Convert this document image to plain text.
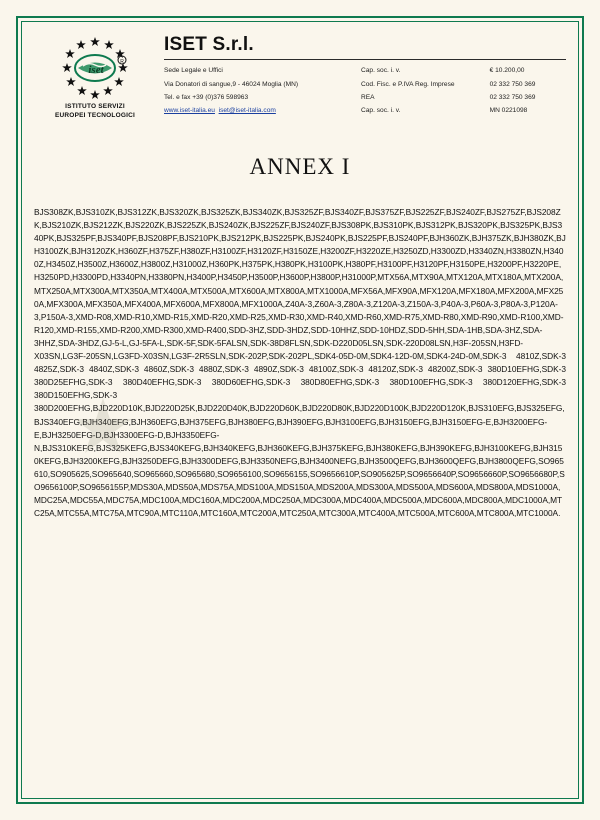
iset
R
ISTITUTO SERVIZI
EUROPEI TECNOLOGICI
ISET S.r.l.
Sede Legale e Uffici	Cap. soc. i. v.	€ 10.200,00
Via Donatori di sangue,9 - 46024 Moglia (MN)	Cod. Fisc. e P.IVA Reg. Imprese	02 332 750 369
Tel. e fax +39 (0)376 598963	REA	02 332 750 369
www.iset-italia.eu iset@iset-italia.com	Cap. soc. i. v.	MN 0221098
ANNEX I
BJS308ZK,BJS310ZK,BJS312ZK,BJS320ZK,BJS325ZK,BJS340ZK,BJS325ZF,BJS340ZF,BJS375ZF,BJS225ZF,BJS240ZF,BJS275ZF,BJS208ZK,BJS210ZK,BJS212ZK,BJS220ZK,BJS225ZK,BJS240ZK,BJS225ZF,BJS240ZF,BJS308PK,BJS310PK,BJS312PK,BJS320PK,BJS325PK,BJS340PK,BJS325PF,BJS340PF,BJS208PF,BJS210PK,BJS212PK,BJS225PK,BJS240PK,BJS225PF,BJS240PF,BJH360ZK,BJH375ZK,BJH380ZK,BJH3100ZK,BJH3120ZK,H360ZF,H375ZF,H380ZF,H3100ZF,H3120ZF,H3150ZE,H3200ZF,H3220ZE,H3250ZD,H3300ZD,H3340ZN,H3380ZN,H3400Z,H3450Z,H3500Z,H3600Z,H3800Z,H31000Z,H360PK,H375PK,H380PK,H3100PK,H380PF,H3100PF,H3120PF,H3150PE,H3200PF,H3220PE,H3250PD,H3300PD,H3340PN,H3380PN,H3400P,H3450P,H3500P,H3600P,H3800P,H31000P,MTX56A,MTX90A,MTX120A,MTX180A,MTX200A,MTX250A,MTX300A,MTX350A,MTX400A,MTX500A,MTX600A,MTX800A,MTX1000A,MFX56A,MFX90A,MFX120A,MFX180A,MFX200A,MFX250A,MFX300A,MFX350A,MFX400A,MFX600A,MFX800A,MFX1000A,Z40A-3,Z60A-3,Z80A-3,Z120A-3,Z150A-3,P40A-3,P60A-3,P80A-3,P120A-3,P150A-3,XMD-R08,XMD-R10,XMD-R15,XMD-R20,XMD-R25,XMD-R30,XMD-R40,XMD-R60,XMD-R75,XMD-R80,XMD-R90,XMD-R100,XMD-R120,XMD-R155,XMD-R200,XMD-R300,XMD-R400,SDD-3HZ,SDD-3HDZ,SDD-10HHZ,SDD-10HDZ,SDD-5HH,SDA-1HB,SDA-3HZ,SDA-3HHZ,SDA-3HDZ,GJ-5-L,GJ-5FA-L,SDK-5F,SDK-5FALSN,SDK-38D8FLSN,SDK-D220D05LSN,SDK-220D08LSN,H3F-205SN,H3FD-X03SN,LG3F-205SN,LG3FD-X03SN,LG3F-2R5SLN,SDK-202P,SDK-202PL,SDK4-05D-0M,SDK4-12D-0M,SDK4-24D-0M,SDK-3 4810Z,SDK-3 4825Z,SDK-3 4840Z,SDK-3 4860Z,SDK-3 4880Z,SDK-3 4890Z,SDK-3 48100Z,SDK-3 48120Z,SDK-3 48200Z,SDK-3 380D10EFHG,SDK-3 380D25EFHG,SDK-3 380D40EFHG,SDK-3 380D60EFHG,SDK-3 380D80EFHG,SDK-3 380D100EFHG,SDK-3 380D120EFHG,SDK-3 380D150EFHG,SDK-3 380D200EFHG,BJD220D10K,BJD220D25K,BJD220D40K,BJD220D60K,BJD220D80K,BJD220D100K,BJD220D120K,BJS310EFG,BJS325EFG,BJS340EFG,BJH340EFG,BJH360EFG,BJH375EFG,BJH380EFG,BJH390EFG,BJH3100EFG,BJH3150EFG,BJH3150EFG-E,BJH3200EFG-E,BJH3250EFG-D,BJH3300EFG-D,BJH3350EFG-N,BJS310KEFG,BJS325KEFG,BJS340KEFG,BJH340KEFG,BJH360KEFG,BJH375KEFG,BJH380KEFG,BJH390KEFG,BJH3100KEFG,BJH3150KEFG,BJH3200KEFG,BJH3250DEFG,BJH3300DEFG,BJH3350NEFG,BJH3400NEFG,BJH3500QEFG,BJH3600QEFG,BJH3800QEFG,SO965610,SO905625,SO965640,SO965660,SO965680,SO9656100,SO9656155,SO9656610P,SO905625P,SO9656640P,SO9656660P,SO9656680P,SO9656100P,SO9656155P,MDS30A,MDS50A,MDS75A,MDS100A,MDS150A,MDS200A,MDS300A,MDS500A,MDS600A,MDS800A,MDS1000A,MDC25A,MDC55A,MDC75A,MDC100A,MDC160A,MDC200A,MDC250A,MDC300A,MDC400A,MDC500A,MDC600A,MDC800A,MDC1000A,MTC25A,MTC55A,MTC75A,MTC90A,MTC110A,MTC160A,MTC200A,MTC250A,MTC300A,MTC400A,MTC500A,MTC600A,MTC800A,MTC1000A.
